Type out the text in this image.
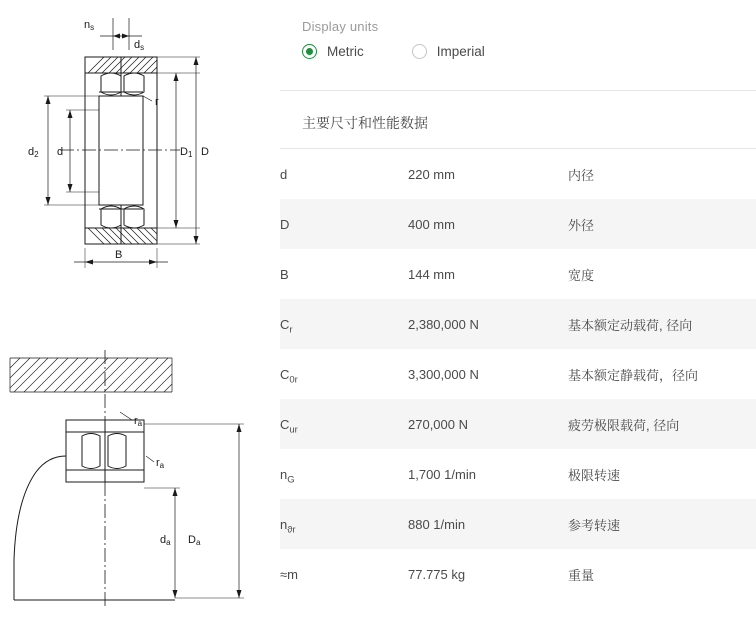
ns
ds
r
d2 d	D1 D
B
ra
ra
da Da
Display units
Metric	Imperial
主要尺寸和性能数据
d	220 mm	内径
D	400 mm	外径
B	144 mm	宽度
$C_r$	2,380,000 N	基本额定动载荷, 径向
$C_{0r}$	3,300,000 N	基本额定静载荷，径向
$C_{ur}$	270,000 N	疲劳极限载荷, 径向
$n_G$	1,700 1/min	极限转速
$n_{ϑr}$	880 1/min	参考转速
≈m	77.775 kg	重量
